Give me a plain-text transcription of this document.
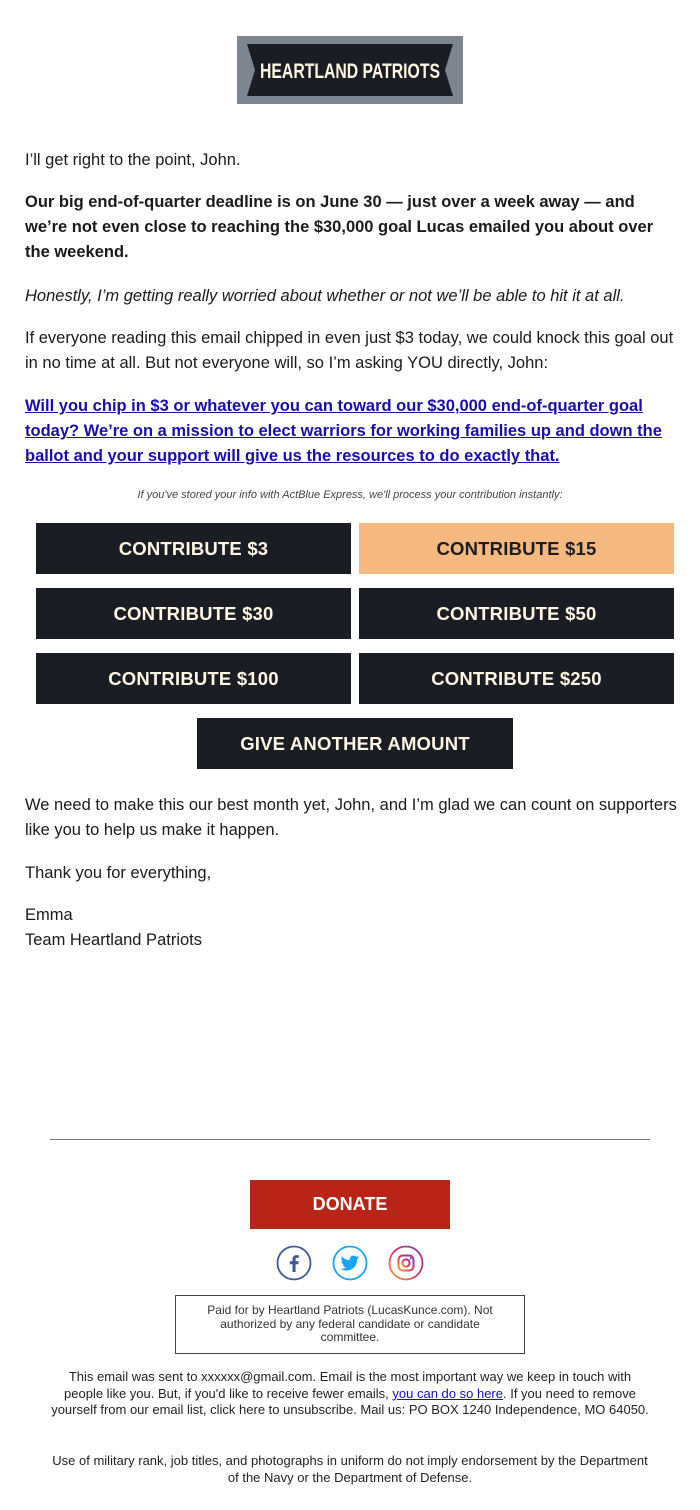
HEARTLAND PATRIOTS

I’ll get right to the point, John.

Our big end-of-quarter deadline is on June 30 — just over a week away — and we’re not even close to reaching the $30,000 goal Lucas emailed you about over the weekend.

Honestly, I’m getting really worried about whether or not we’ll be able to hit it at all.

If everyone reading this email chipped in even just $3 today, we could knock this goal out in no time at all. But not everyone will, so I’m asking YOU directly, John:

Will you chip in $3 or whatever you can toward our $30,000 end-of-quarter goal today? We’re on a mission to elect warriors for working families up and down the ballot and your support will give us the resources to do exactly that.

If you've stored your info with ActBlue Express, we'll process your contribution instantly:
CONTRIBUTE $3	CONTRIBUTE $15
CONTRIBUTE $30	CONTRIBUTE $50
CONTRIBUTE $100	CONTRIBUTE $250
GIVE ANOTHER AMOUNT

We need to make this our best month yet, John, and I’m glad we can count on supporters like you to help us make it happen.

Thank you for everything,

Emma

Team Heartland Patriots

DONATE
Paid for by Heartland Patriots (LucasKunce.com). Not authorized by any federal candidate or candidate committee.
This email was sent to xxxxxx@gmail.com. Email is the most important way we keep in touch with people like you. But, if you'd like to receive fewer emails, you can do so here. If you need to remove yourself from our email list, click here to unsubscribe. Mail us: PO BOX 1240 Independence, MO 64050.
Use of military rank, job titles, and photographs in uniform do not imply endorsement by the Department of the Navy or the Department of Defense.
